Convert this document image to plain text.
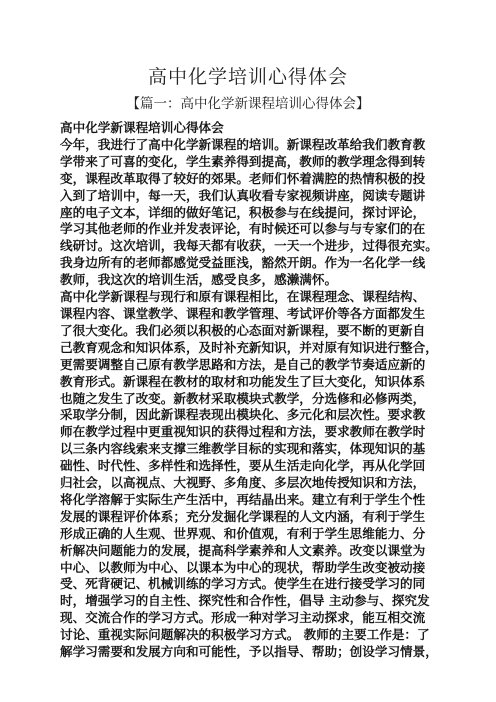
高中化学培训心得体会
【篇一：高中化学新课程培训心得体会】
高中化学新课程培训心得体会
今年，我进行了高中化学新课程的培训。新课程改革给我们教育教
学带来了可喜的变化，学生素养得到提高，教师的教学理念得到转
变，课程改革取得了较好的郊果。老师们怀着满腔的热情积极的投
入到了培训中，每一天，我们认真收看专家视频讲座，阅读专题讲
座的电子文本，详细的做好笔记，积极参与在线提问，探讨评论，
学习其他老师的作业并发表评论，有时候还可以参与与专家们的在
线研讨。这次培训，我每天都有收获，一天一个进步，过得很充实。
我身边所有的老师都感觉受益匪浅，豁然开朗。作为一名化学一线
教师，我这次的培训生活，感受良多，感濑满怀。
高中化学新课程与现行和原有课程相比，在课程理念、课程结构、
课程内容、课堂教学、课程和教学管理、考试评价等各方面都发生
了很大变化。我们必须以积极的心态面对新课程，要不断的更新自
己教育观念和知识体系，及时补充新知识，并对原有知识进行整合，
更需要调整自己原有教学思路和方法，是自己的教学节奏适应新的
教育形式。新课程在教材的取材和功能发生了巨大变化，知识体系
也随之发生了改变。新教材采取模块式教学，分选修和必修两类，
采取学分制，因此新课程表现出模块化、多元化和层次性。要求教
师在教学过程中更重视知识的获得过程和方法，要求教师在教学时
以三条内容线索来支撑三维教学目标的实现和落实，体现知识的基
础性、时代性、多样性和选择性，要从生活走向化学，再从化学回
归社会，以高视点、大视野、多角度、多层次地传授知识和方法，
将化学溶解于实际生产生活中，再结晶出来。建立有利于学生个性
发展的课程评价体系；充分发掘化学课程的人文内涵，有利于学生
形成正确的人生观、世界观、和价值观，有利于学生思维能力、分
析解决问题能力的发展，提高科学素养和人文素养。改变以课堂为
中心、以教师为中心、以课本为中心的现状，帮助学生改变被动接
受、死背硬记、机械训练的学习方式。使学生在进行接受学习的同
时，增强学习的自主性、探究性和合作性，倡导 主动参与、探究发
现、交流合作的学习方式。形成一种对学习主动探求，能互相交流
讨论、重视实际问题解决的积极学习方式。 教师的主要工作是：了
解学习需要和发展方向和可能性，予以指导、帮助；创设学习情景，
